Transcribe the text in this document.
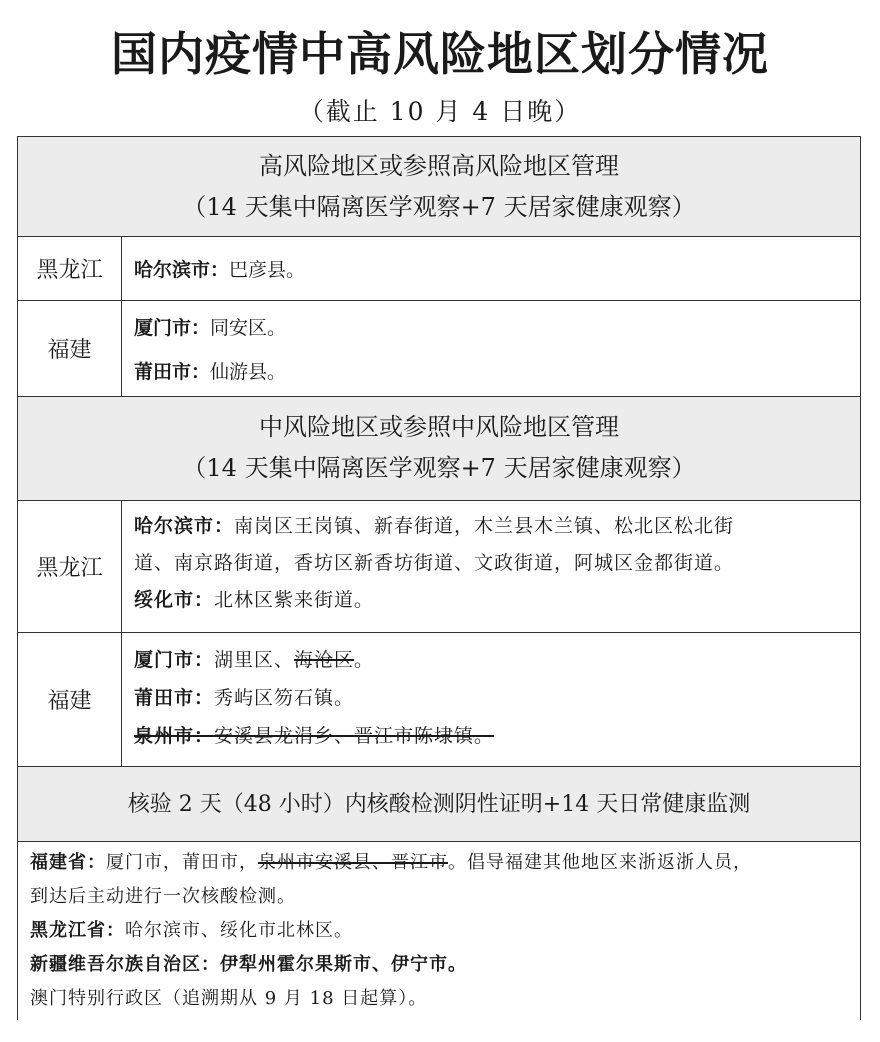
国内疫情中高风险地区划分情况
（截止 10 月 4 日晚）
高风险地区或参照高风险地区管理
（14 天集中隔离医学观察+7 天居家健康观察）
黑龙江	哈尔滨市：巴彦县。
福建
厦门市：同安区。
莆田市：仙游县。
中风险地区或参照中风险地区管理
（14 天集中隔离医学观察+7 天居家健康观察）
黑龙江
哈尔滨市：南岗区王岗镇、新春街道，木兰县木兰镇、松北区松北街
道、南京路街道，香坊区新香坊街道、文政街道，阿城区金都街道。
绥化市：北林区紫来街道。
福建
厦门市：湖里区、海沧区。
莆田市：秀屿区笏石镇。
泉州市：安溪县龙涓乡、晋江市陈埭镇。
核验 2 天（48 小时）内核酸检测阴性证明+14 天日常健康监测
福建省：厦门市，莆田市，泉州市安溪县、晋江市。倡导福建其他地区来浙返浙人员，
到达后主动进行一次核酸检测。
黑龙江省：哈尔滨市、绥化市北林区。
新疆维吾尔族自治区：伊犁州霍尔果斯市、伊宁市。
澳门特别行政区（追溯期从 9 月 18 日起算）。
